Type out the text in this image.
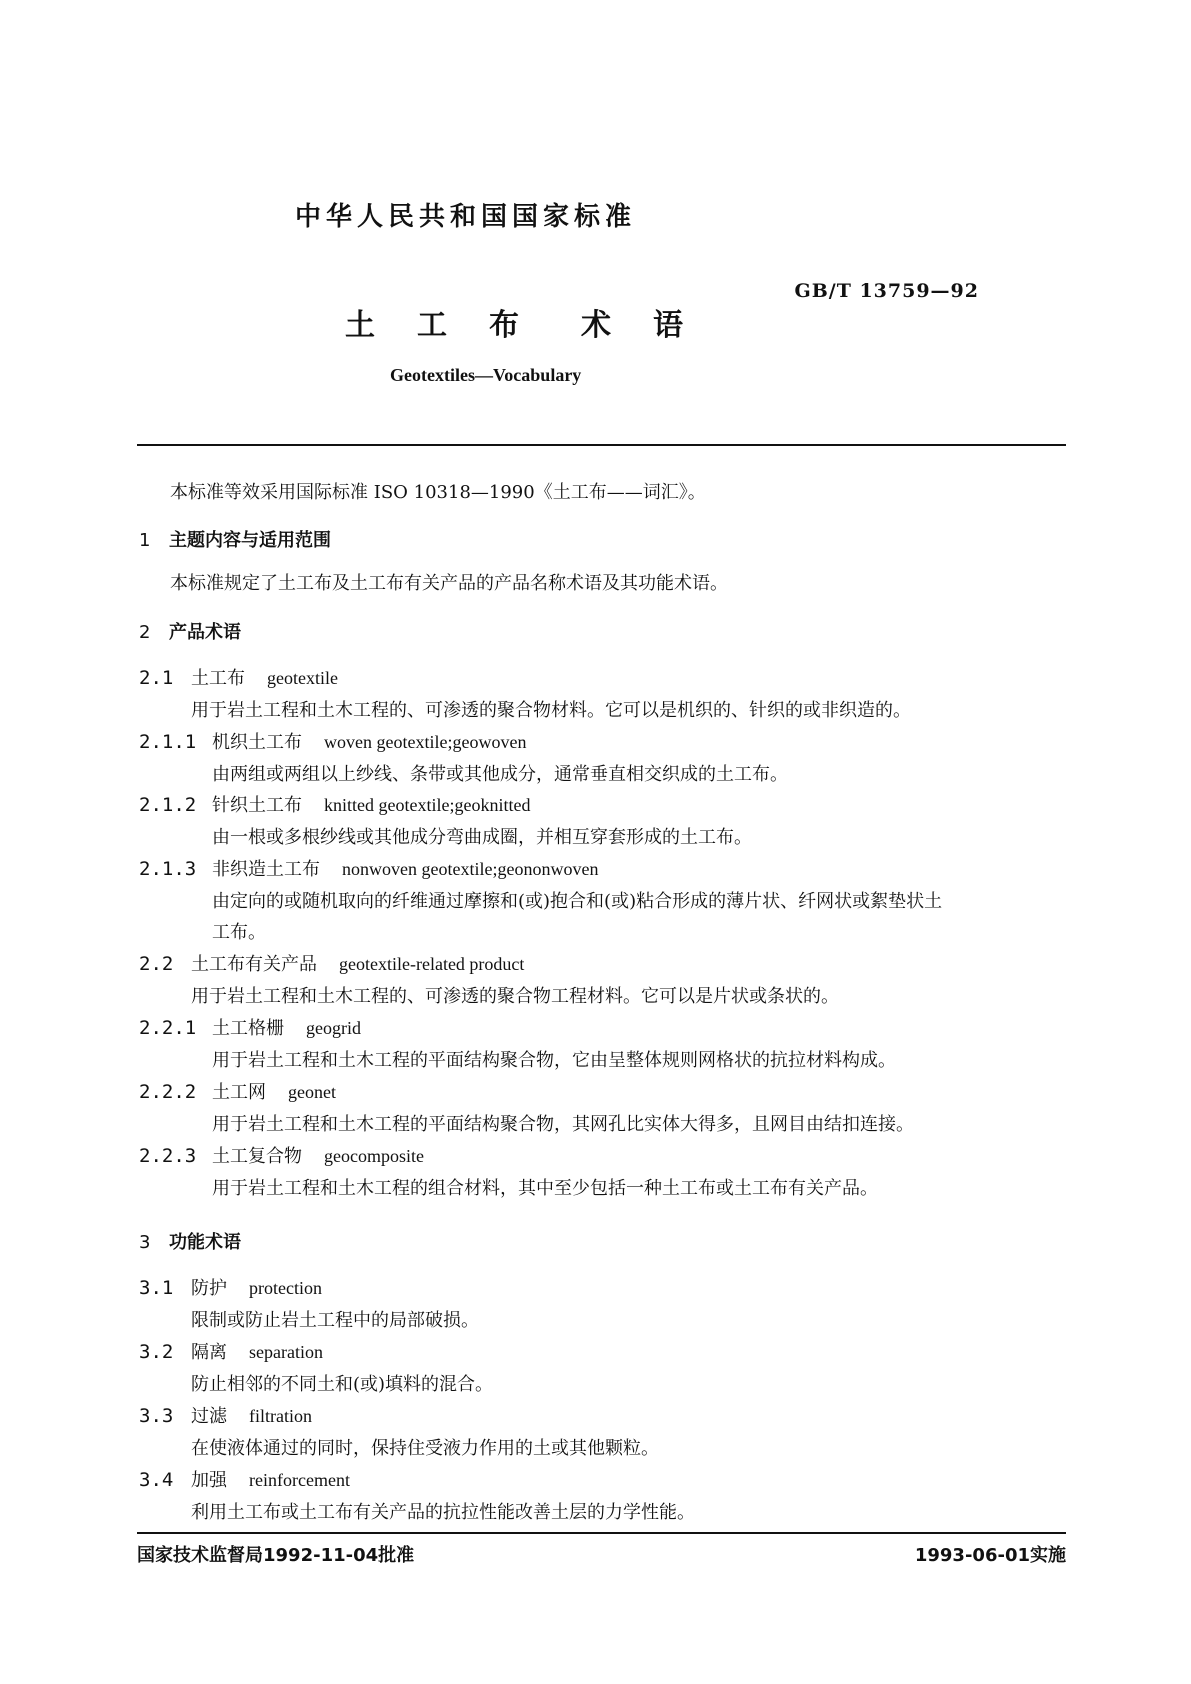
中华人民共和国国家标准
GB/T 13759—92
土 工 布 术 语
Geotextiles—Vocabulary
本标准等效采用国际标准 ISO 10318—1990《土工布——词汇》。
1 主题内容与适用范围
本标准规定了土工布及土工布有关产品的产品名称术语及其功能术语。
2 产品术语
2.1 土工布 geotextile
用于岩土工程和土木工程的、可渗透的聚合物材料。它可以是机织的、针织的或非织造的。
2.1.1 机织土工布 woven geotextile;geowoven
由两组或两组以上纱线、条带或其他成分，通常垂直相交织成的土工布。
2.1.2 针织土工布 knitted geotextile;geoknitted
由一根或多根纱线或其他成分弯曲成圈，并相互穿套形成的土工布。
2.1.3 非织造土工布 nonwoven geotextile;geononwoven
由定向的或随机取向的纤维通过摩擦和(或)抱合和(或)粘合形成的薄片状、纤网状或絮垫状土
工布。
2.2 土工布有关产品 geotextile-related product
用于岩土工程和土木工程的、可渗透的聚合物工程材料。它可以是片状或条状的。
2.2.1 土工格栅 geogrid
用于岩土工程和土木工程的平面结构聚合物，它由呈整体规则网格状的抗拉材料构成。
2.2.2 土工网 geonet
用于岩土工程和土木工程的平面结构聚合物，其网孔比实体大得多，且网目由结扣连接。
2.2.3 土工复合物 geocomposite
用于岩土工程和土木工程的组合材料，其中至少包括一种土工布或土工布有关产品。
3 功能术语
3.1 防护 protection
限制或防止岩土工程中的局部破损。
3.2 隔离 separation
防止相邻的不同土和(或)填料的混合。
3.3 过滤 filtration
在使液体通过的同时，保持住受液力作用的土或其他颗粒。
3.4 加强 reinforcement
利用土工布或土工布有关产品的抗拉性能改善土层的力学性能。
国家技术监督局1992-11-04批准	1993-06-01实施
